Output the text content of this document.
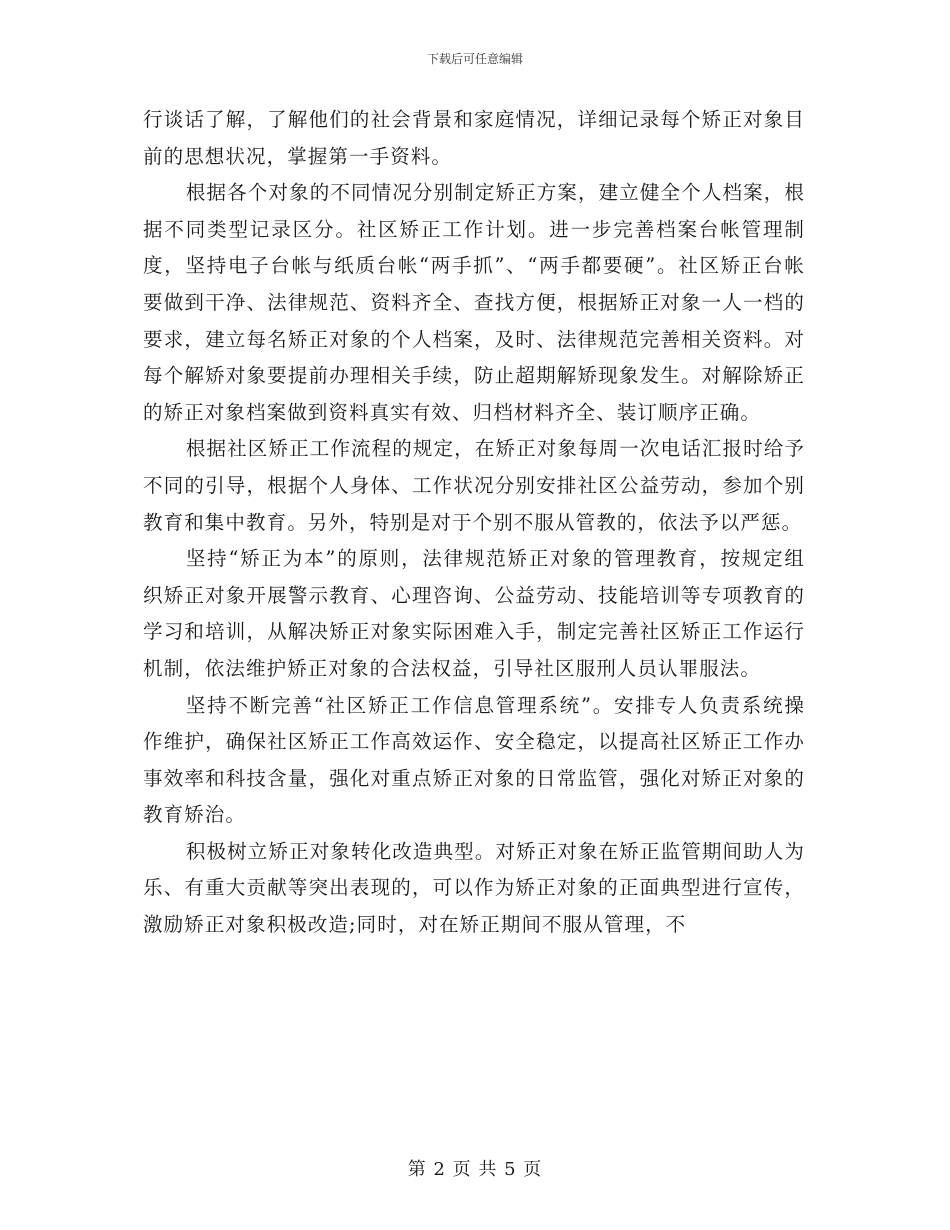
下载后可任意编辑

行谈话了解，了解他们的社会背景和家庭情况，详细记录每个矫正对象目前的思想状况，掌握第一手资料。

根据各个对象的不同情况分别制定矫正方案，建立健全个人档案，根据不同类型记录区分。社区矫正工作计划。进一步完善档案台帐管理制度，坚持电子台帐与纸质台帐“两手抓”、“两手都要硬”。社区矫正台帐要做到干净、法律规范、资料齐全、查找方便，根据矫正对象一人一档的要求，建立每名矫正对象的个人档案，及时、法律规范完善相关资料。对每个解矫对象要提前办理相关手续，防止超期解矫现象发生。对解除矫正的矫正对象档案做到资料真实有效、归档材料齐全、装订顺序正确。

根据社区矫正工作流程的规定，在矫正对象每周一次电话汇报时给予不同的引导，根据个人身体、工作状况分别安排社区公益劳动，参加个别教育和集中教育。另外，特别是对于个别不服从管教的，依法予以严惩。

坚持“矫正为本”的原则，法律规范矫正对象的管理教育，按规定组织矫正对象开展警示教育、心理咨询、公益劳动、技能培训等专项教育的学习和培训，从解决矫正对象实际困难入手，制定完善社区矫正工作运行机制，依法维护矫正对象的合法权益，引导社区服刑人员认罪服法。

坚持不断完善“社区矫正工作信息管理系统”。安排专人负责系统操作维护，确保社区矫正工作高效运作、安全稳定，以提高社区矫正工作办事效率和科技含量，强化对重点矫正对象的日常监管，强化对矫正对象的教育矫治。

积极树立矫正对象转化改造典型。对矫正对象在矫正监管期间助人为乐、有重大贡献等突出表现的，可以作为矫正对象的正面典型进行宣传，激励矫正对象积极改造;同时，对在矫正期间不服从管理，不

第 2 页 共 5 页
